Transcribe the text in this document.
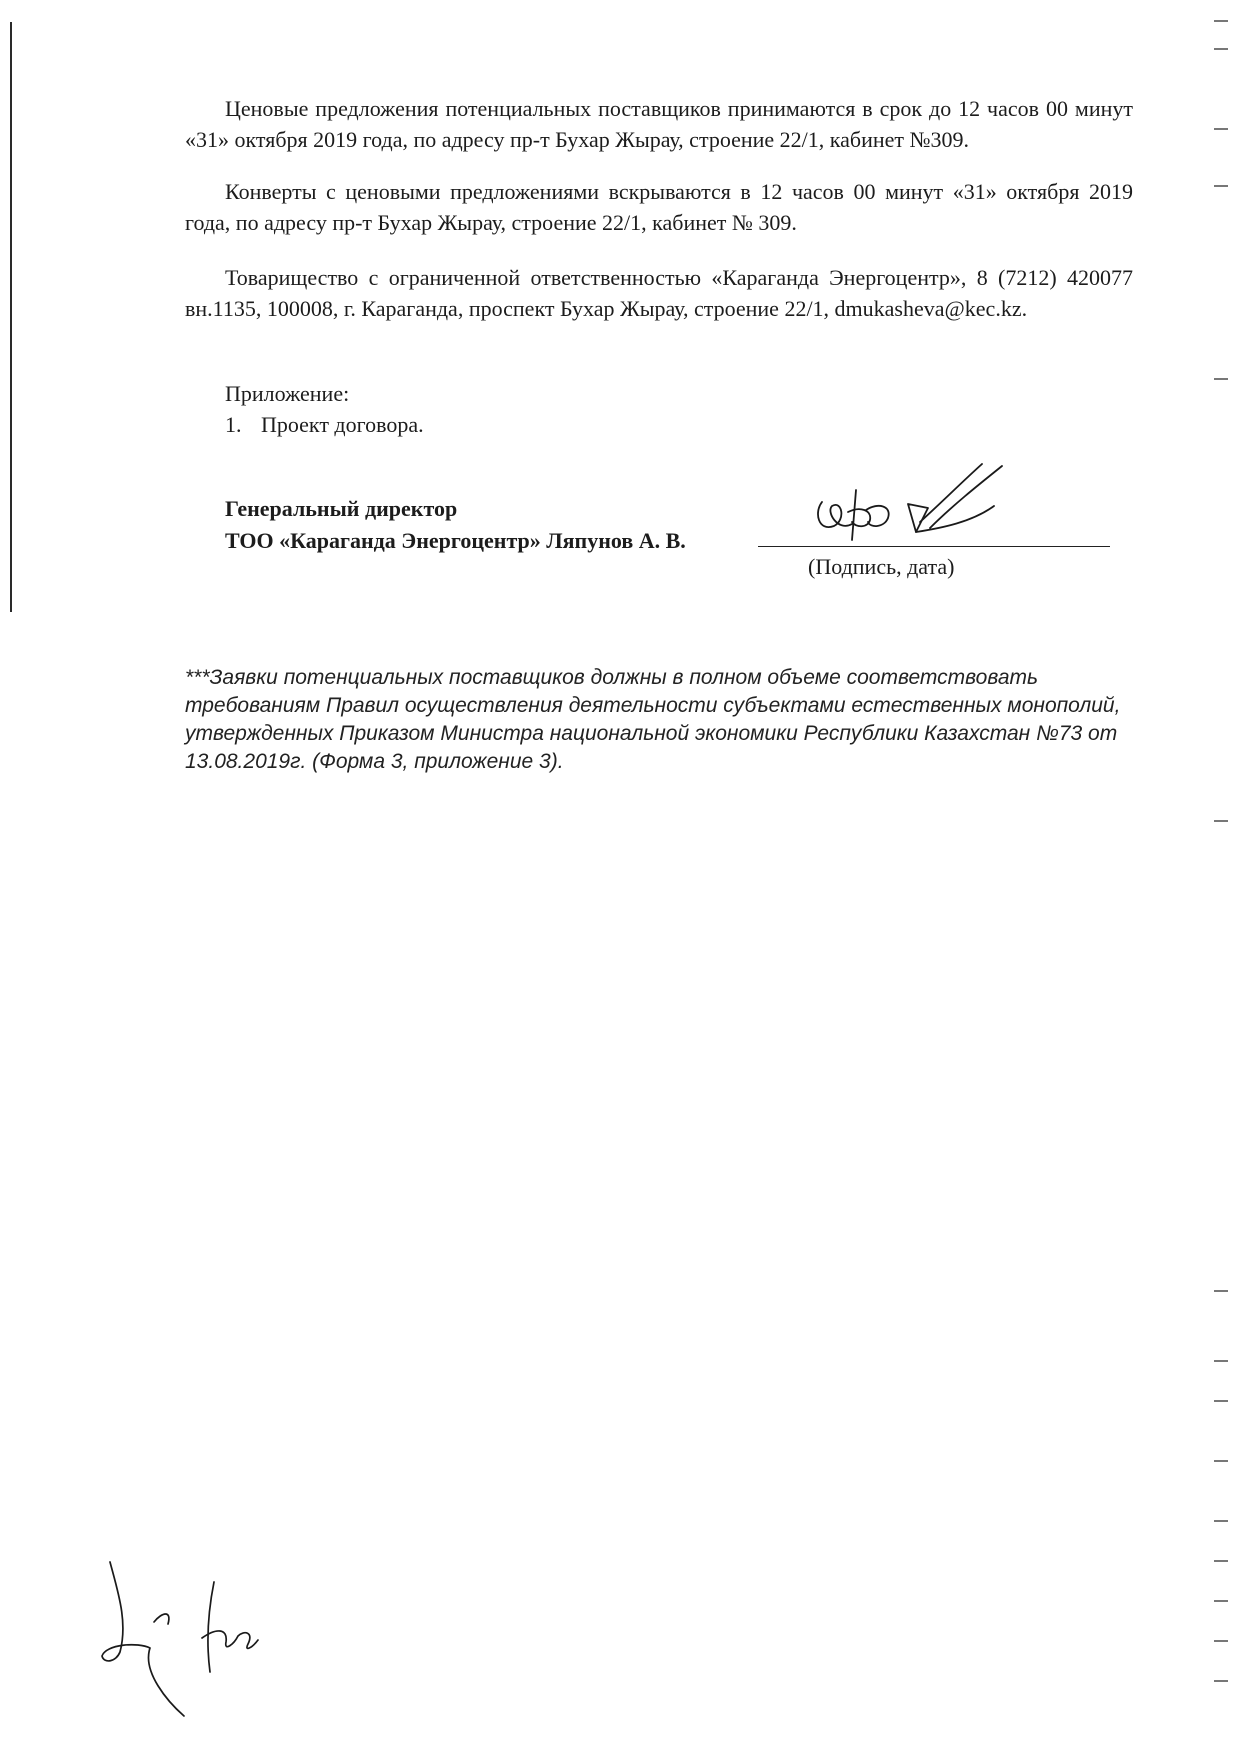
Ценовые предложения потенциальных поставщиков принимаются в срок до 12 часов 00 минут «31» октября 2019 года, по адресу пр-т Бухар Жырау, строение 22/1, кабинет №309.

Конверты с ценовыми предложениями вскрываются в 12 часов 00 минут «31» октября 2019 года, по адресу пр-т Бухар Жырау, строение 22/1, кабинет № 309.

Товарищество с ограниченной ответственностью «Караганда Энергоцентр», 8 (7212) 420077 вн.1135, 100008, г. Караганда, проспект Бухар Жырау, строение 22/1, dmukasheva@kec.kz.

Приложение:
1. Проект договора.
Генеральный директор
ТОО «Караганда Энергоцентр» Ляпунов А. В.
(Подпись, дата)
***Заявки потенциальных поставщиков должны в полном объеме соответствовать требованиям Правил осуществления деятельности субъектами естественных монополий, утвержденных Приказом Министра национальной экономики Республики Казахстан №73 от 13.08.2019г. (Форма 3, приложение 3).
